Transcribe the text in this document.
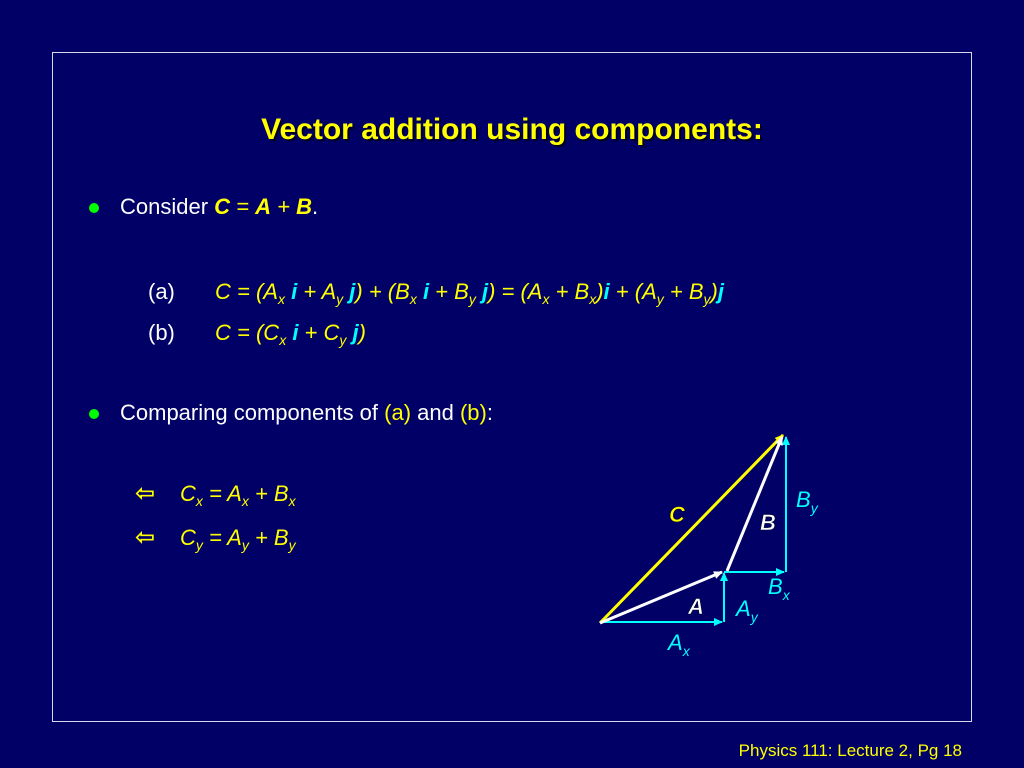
Vector addition using components:
Consider C = A + B.
(a) $C = (A_x$ $i + A_y$ $j) + (B_x$ $i + B_y$ $j) = (A_x + B_x)i + (A_y + B_y)j$
(b) $C = (C_x$ $i + C_y$ j)
Comparing components of (a) and (b):
⇦ $C_x = A_x + B_x$
⇦ $C_y = A_y + B_y$
C	B
A
$B_y$
$B_x$
$A_y$
$A_x$
Physics 111: Lecture 2, Pg 18
